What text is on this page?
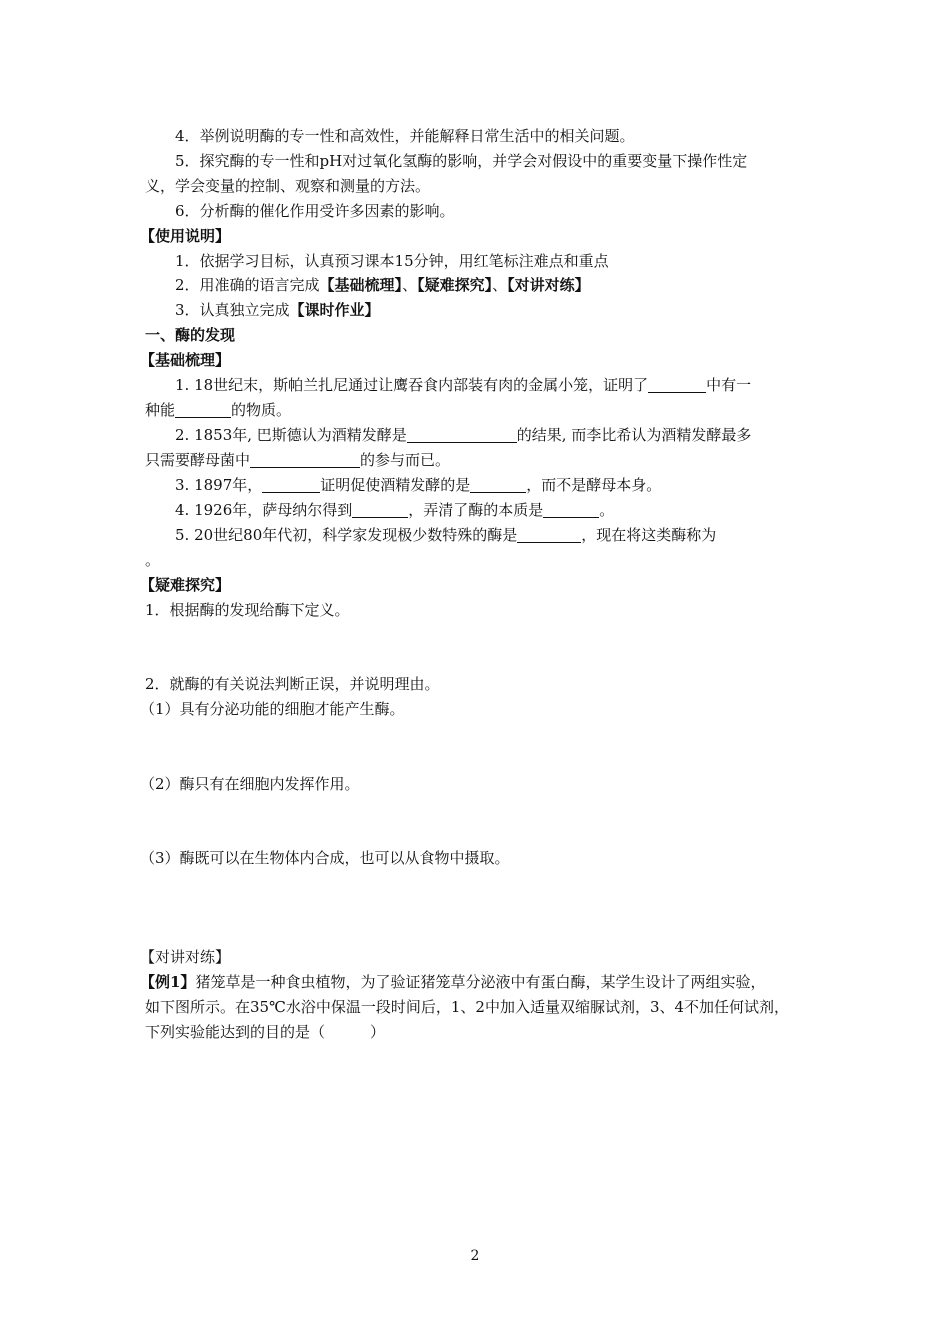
4．举例说明酶的专一性和高效性，并能解释日常生活中的相关问题。
5．探究酶的专一性和pH对过氧化氢酶的影响，并学会对假设中的重要变量下操作性定
义，学会变量的控制、观察和测量的方法。
6．分析酶的催化作用受许多因素的影响。
【使用说明】
1．依据学习目标，认真预习课本15分钟，用红笔标注难点和重点
2．用准确的语言完成【基础梳理】、【疑难探究】、【对讲对练】
3．认真独立完成【课时作业】
一、酶的发现
【基础梳理】
1. 18世纪末，斯帕兰扎尼通过让鹰吞食内部装有肉的金属小笼，证明了	中有一
种能	的物质。
2. 1853年, 巴斯德认为酒精发酵是	的结果, 而李比希认为酒精发酵最多
只需要酵母菌中	的参与而已。
3. 1897年，	证明促使酒精发酵的是	，而不是酵母本身。
4. 1926年，萨母纳尔得到	，弄清了酶的本质是	。
5. 20世纪80年代初，科学家发现极少数特殊的酶是	，现在将这类酶称为
。
【疑难探究】
1．根据酶的发现给酶下定义。
2．就酶的有关说法判断正误，并说明理由。
（1）具有分泌功能的细胞才能产生酶。
（2）酶只有在细胞内发挥作用。
（3）酶既可以在生物体内合成，也可以从食物中摄取。
【对讲对练】
【例1】猪笼草是一种食虫植物，为了验证猪笼草分泌液中有蛋白酶，某学生设计了两组实验，
如下图所示。在35℃水浴中保温一段时间后，1、2中加入适量双缩脲试剂，3、4不加任何试剂，
下列实验能达到的目的是（　　　）
2
